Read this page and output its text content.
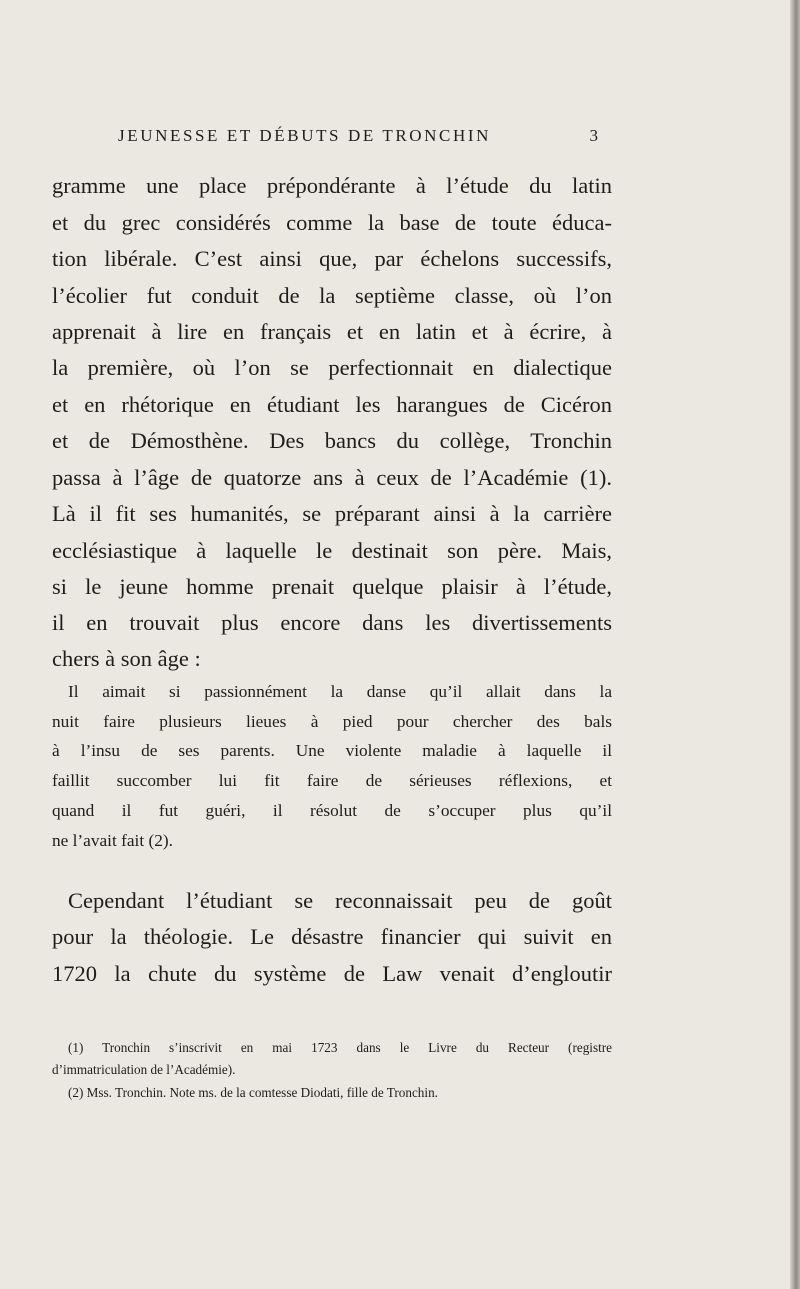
JEUNESSE ET DÉBUTS DE TRONCHIN	3
gramme une place prépondérante à l’étude du latin
et du grec considérés comme la base de toute éduca-
tion libérale. C’est ainsi que, par échelons successifs,
l’écolier fut conduit de la septième classe, où l’on
apprenait à lire en français et en latin et à écrire, à
la première, où l’on se perfectionnait en dialectique
et en rhétorique en étudiant les harangues de Cicéron
et de Démosthène. Des bancs du collège, Tronchin
passa à l’âge de quatorze ans à ceux de l’Académie (1).
Là il fit ses humanités, se préparant ainsi à la carrière
ecclésiastique à laquelle le destinait son père. Mais,
si le jeune homme prenait quelque plaisir à l’étude,
il en trouvait plus encore dans les divertissements
chers à son âge :
Il aimait si passionnément la danse qu’il allait dans la
nuit faire plusieurs lieues à pied pour chercher des bals
à l’insu de ses parents. Une violente maladie à laquelle il
faillit succomber lui fit faire de sérieuses réflexions, et
quand il fut guéri, il résolut de s’occuper plus qu’il
ne l’avait fait (2).
Cependant l’étudiant se reconnaissait peu de goût
pour la théologie. Le désastre financier qui suivit en
1720 la chute du système de Law venait d’engloutir
(1) Tronchin s’inscrivit en mai 1723 dans le Livre du Recteur (registre
d’immatriculation de l’Académie).
(2) Mss. Tronchin. Note ms. de la comtesse Diodati, fille de Tronchin.
